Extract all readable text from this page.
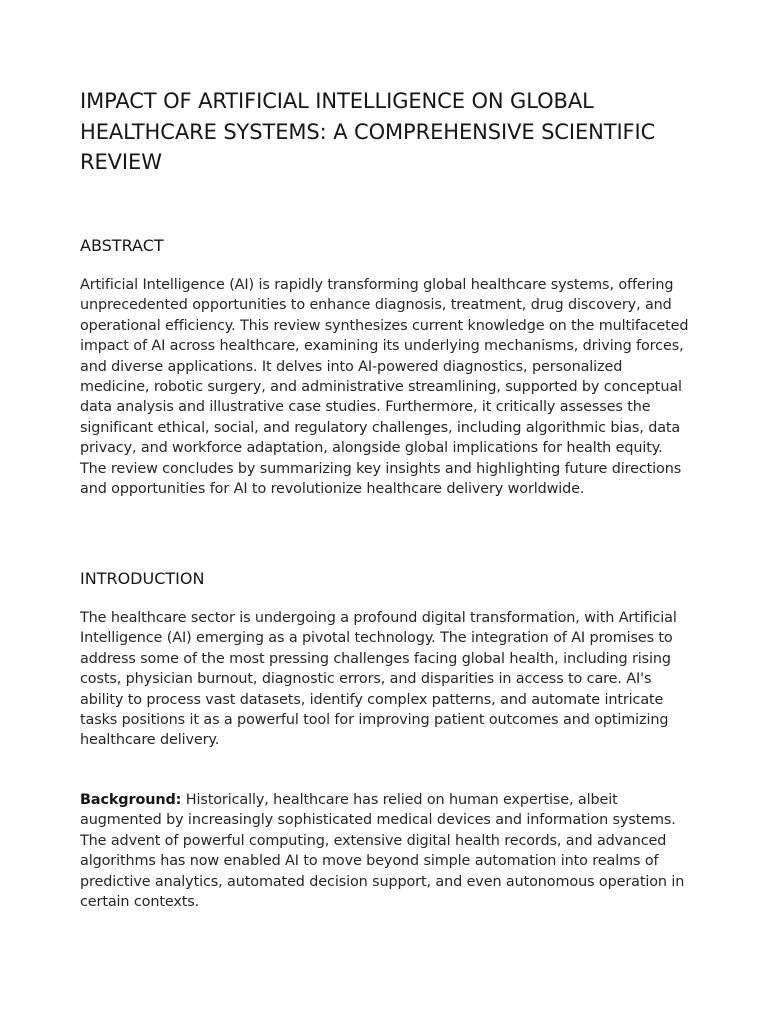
IMPACT OF ARTIFICIAL INTELLIGENCE ON GLOBAL HEALTHCARE SYSTEMS: A COMPREHENSIVE SCIENTIFIC REVIEW
ABSTRACT

Artificial Intelligence (AI) is rapidly transforming global healthcare systems, offering unprecedented opportunities to enhance diagnosis, treatment, drug discovery, and operational efficiency. This review synthesizes current knowledge on the multifaceted impact of AI across healthcare, examining its underlying mechanisms, driving forces, and diverse applications. It delves into AI-powered diagnostics, personalized medicine, robotic surgery, and administrative streamlining, supported by conceptual data analysis and illustrative case studies. Furthermore, it critically assesses the significant ethical, social, and regulatory challenges, including algorithmic bias, data privacy, and workforce adaptation, alongside global implications for health equity. The review concludes by summarizing key insights and highlighting future directions and opportunities for AI to revolutionize healthcare delivery worldwide.

INTRODUCTION

The healthcare sector is undergoing a profound digital transformation, with Artificial Intelligence (AI) emerging as a pivotal technology. The integration of AI promises to address some of the most pressing challenges facing global health, including rising costs, physician burnout, diagnostic errors, and disparities in access to care. AI's ability to process vast datasets, identify complex patterns, and automate intricate tasks positions it as a powerful tool for improving patient outcomes and optimizing healthcare delivery.

Background: Historically, healthcare has relied on human expertise, albeit augmented by increasingly sophisticated medical devices and information systems. The advent of powerful computing, extensive digital health records, and advanced algorithms has now enabled AI to move beyond simple automation into realms of predictive analytics, automated decision support, and even autonomous operation in certain contexts.
